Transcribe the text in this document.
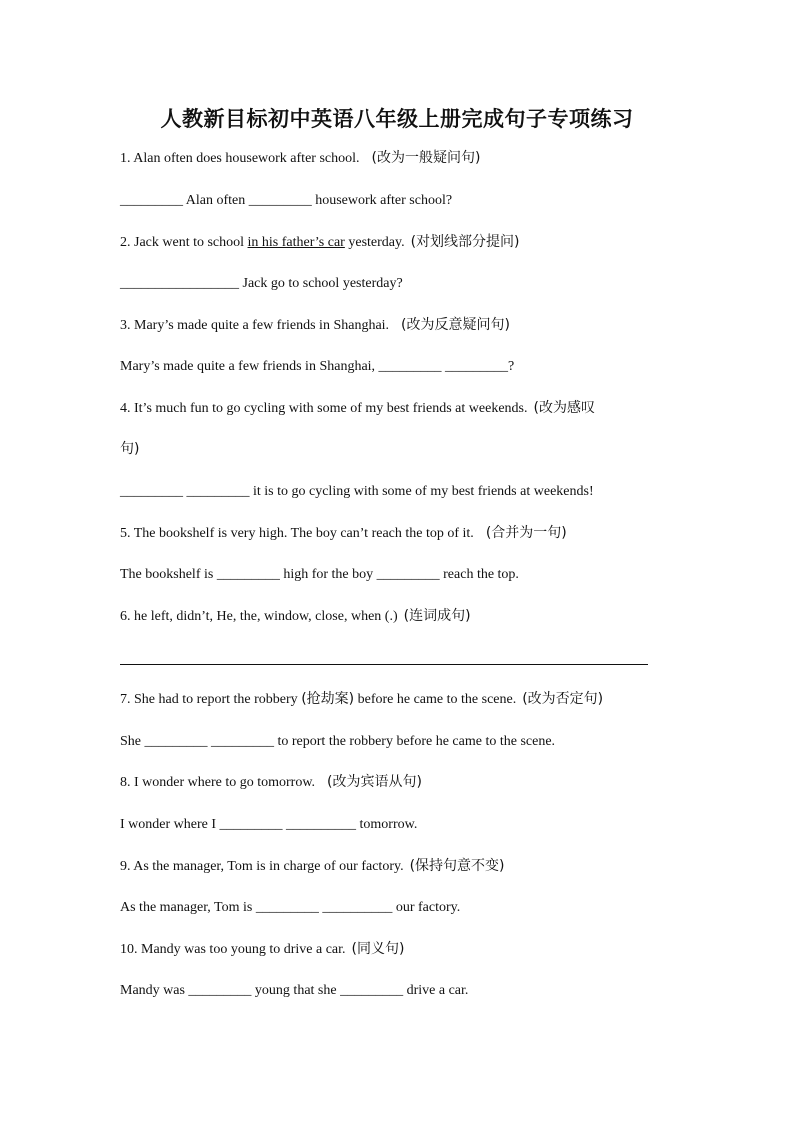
人教新目标初中英语八年级上册完成句子专项练习
1. Alan often does housework after school. (改为一般疑问句)
_________ Alan often _________ housework after school?
2. Jack went to school in his father’s car yesterday. (对划线部分提问)
_________________ Jack go to school yesterday?
3. Mary’s made quite a few friends in Shanghai. (改为反意疑问句)
Mary’s made quite a few friends in Shanghai, _________ _________?
4. It’s much fun to go cycling with some of my best friends at weekends. (改为感叹
句)
_________ _________ it is to go cycling with some of my best friends at weekends!
5. The bookshelf is very high. The boy can’t reach the top of it. (合并为一句)
The bookshelf is _________ high for the boy _________ reach the top.
6. he left, didn’t, He, the, window, close, when (.) (连词成句)
7. She had to report the robbery (抢劫案) before he came to the scene. (改为否定句)
She _________ _________ to report the robbery before he came to the scene.
8. I wonder where to go tomorrow. (改为宾语从句)
I wonder where I _________ __________ tomorrow.
9. As the manager, Tom is in charge of our factory. (保持句意不变)
As the manager, Tom is _________ __________ our factory.
10. Mandy was too young to drive a car. (同义句)
Mandy was _________ young that she _________ drive a car.
